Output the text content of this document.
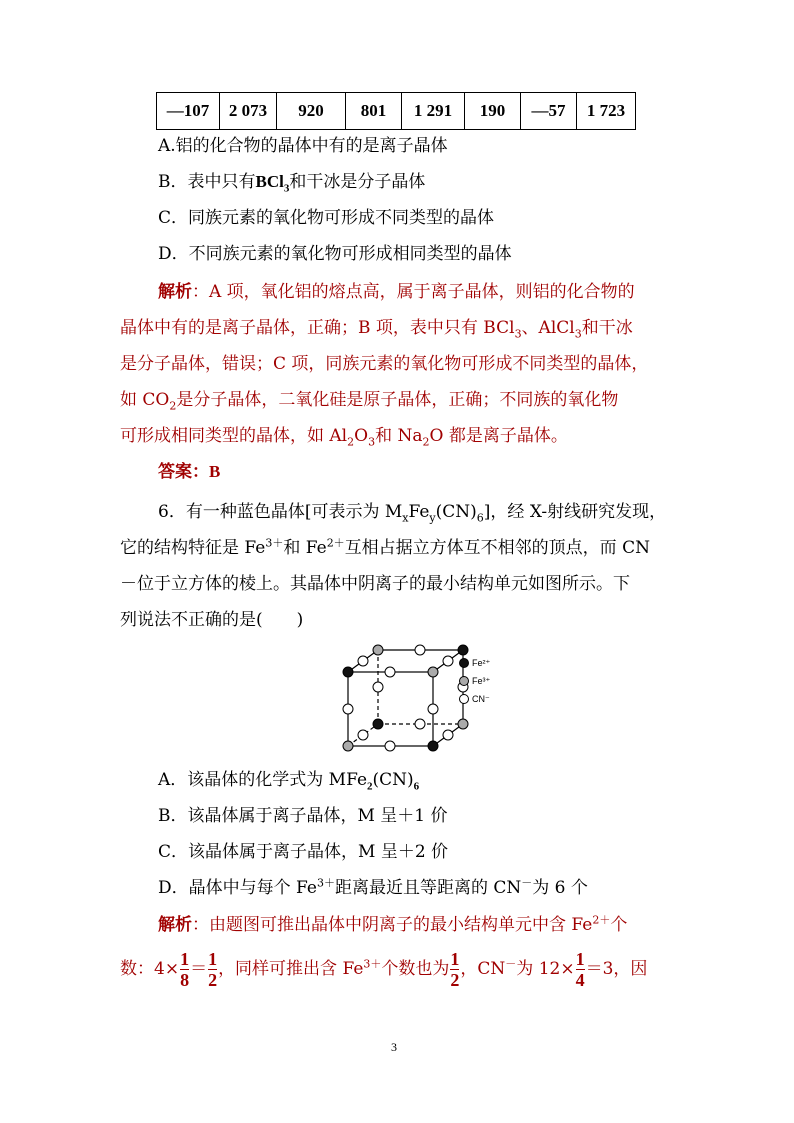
—107	2 073	920	801	1 291	190	—57	1 723
A.铝的化合物的晶体中有的是离子晶体
B．表中只有BCl$_3$和干冰是分子晶体
C．同族元素的氧化物可形成不同类型的晶体
D．不同族元素的氧化物可形成相同类型的晶体
解析：A 项，氧化铝的熔点高，属于离子晶体，则铝的化合物的
晶体中有的是离子晶体，正确；B 项，表中只有 BCl$_3$、AlCl$_3$和干冰
是分子晶体，错误；C 项，同族元素的氧化物可形成不同类型的晶体，
如 $CO_2$是分子晶体，二氧化硅是原子晶体，正确；不同族的氧化物
可形成相同类型的晶体，如 $Al_2O_3$和 $Na_2O$ 都是离子晶体。
答案：B
6．有一种蓝色晶体[可表示为 $M_xFe_y(CN)_6$]，经 X-射线研究发现，
它的结构特征是 $Fe^{3+}$和 $Fe^{2+}$互相占据立方体互不相邻的顶点，而 CN
－位于立方体的棱上。其晶体中阴离子的最小结构单元如图所示。下
列说法不正确的是(　　)
Fe²⁺
Fe³⁺
CN⁻
A．该晶体的化学式为 $MFe_2(CN)_6$
B．该晶体属于离子晶体，M 呈＋1 价
C．该晶体属于离子晶体，M 呈＋2 价
D．晶体中与每个 $Fe^{3+}$距离最近且等距离的 CN－为 6 个
解析：由题图可推出晶体中阴离子的最小结构单元中含 $Fe^{2+}$个
数：$4\times \frac{1}{8} = \frac{1}{2}$ ，同样可推出含 $Fe^{3+}$个数也为 $\frac{1}{2}$ ，CN－为 $12\times \frac{1}{4} =3$，因
3
